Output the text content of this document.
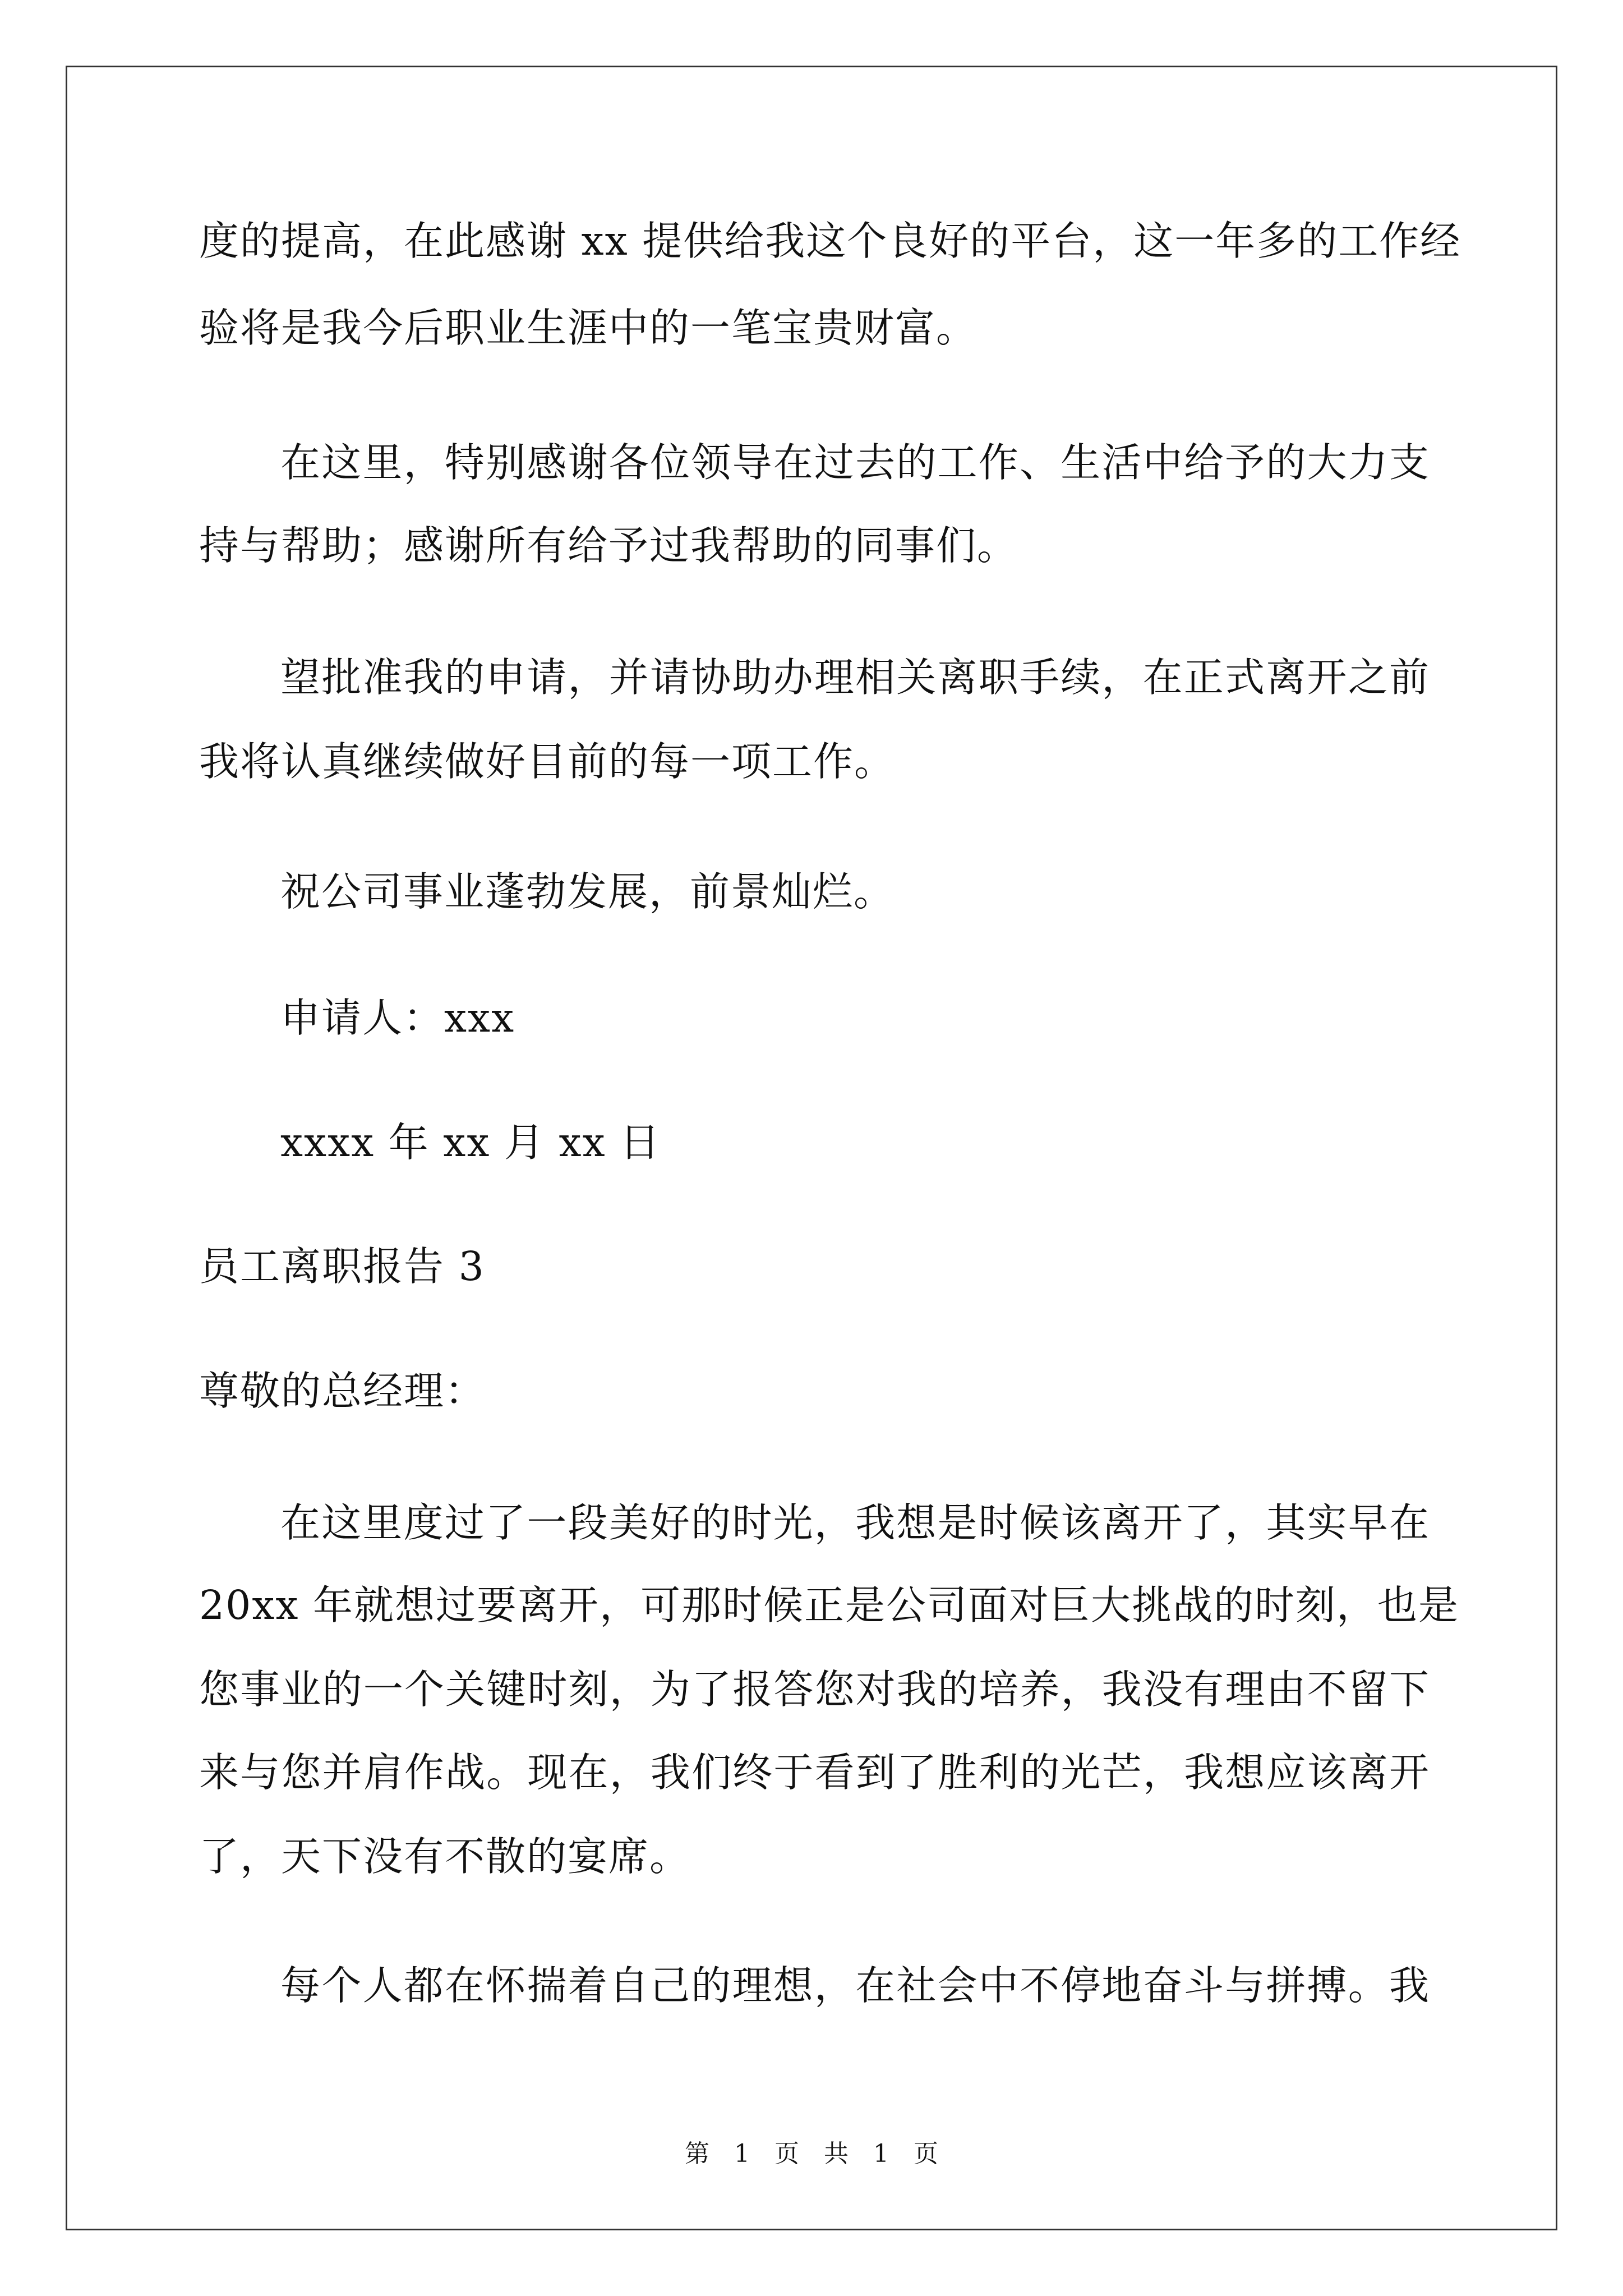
度的提高，在此感谢 xx 提供给我这个良好的平台，这一年多的工作经
验将是我今后职业生涯中的一笔宝贵财富。
在这里，特别感谢各位领导在过去的工作、生活中给予的大力支
持与帮助；感谢所有给予过我帮助的同事们。
望批准我的申请，并请协助办理相关离职手续，在正式离开之前
我将认真继续做好目前的每一项工作。
祝公司事业蓬勃发展，前景灿烂。
申请人：xxx
xxxx 年 xx 月 xx 日
员工离职报告 3
尊敬的总经理：
在这里度过了一段美好的时光，我想是时候该离开了，其实早在
20xx 年就想过要离开，可那时候正是公司面对巨大挑战的时刻，也是
您事业的一个关键时刻，为了报答您对我的培养，我没有理由不留下
来与您并肩作战。现在，我们终于看到了胜利的光芒，我想应该离开
了，天下没有不散的宴席。
每个人都在怀揣着自己的理想，在社会中不停地奋斗与拼搏。我
第 1 页 共 1 页
